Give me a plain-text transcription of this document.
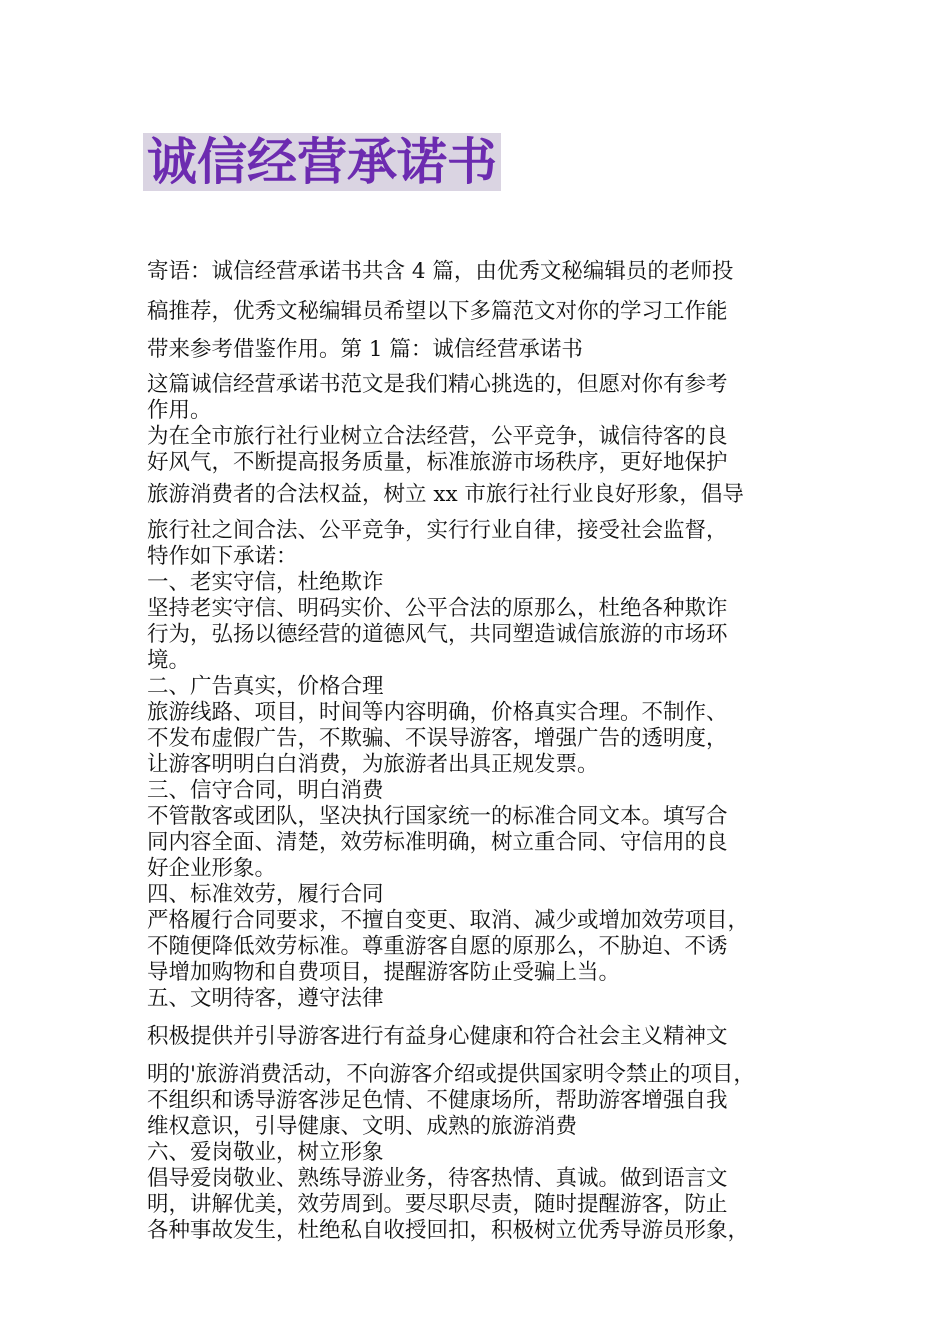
诚信经营承诺书
寄语：诚信经营承诺书共含 4 篇，由优秀文秘编辑员的老师投
稿推荐，优秀文秘编辑员希望以下多篇范文对你的学习工作能
带来参考借鉴作用。第 1 篇：诚信经营承诺书
这篇诚信经营承诺书范文是我们精心挑选的，但愿对你有参考
作用。
为在全市旅行社行业树立合法经营，公平竞争，诚信待客的良
好风气，不断提高报务质量，标准旅游市场秩序，更好地保护
旅游消费者的合法权益，树立 xx 市旅行社行业良好形象，倡导
旅行社之间合法、公平竞争，实行行业自律，接受社会监督，
特作如下承诺：
一、老实守信，杜绝欺诈
坚持老实守信、明码实价、公平合法的原那么，杜绝各种欺诈
行为，弘扬以德经营的道德风气，共同塑造诚信旅游的市场环
境。
二、广告真实，价格合理
旅游线路、项目，时间等内容明确，价格真实合理。不制作、
不发布虚假广告，不欺骗、不误导游客，增强广告的透明度，
让游客明明白白消费，为旅游者出具正规发票。
三、信守合同，明白消费
不管散客或团队，坚决执行国家统一的标准合同文本。填写合
同内容全面、清楚，效劳标准明确，树立重合同、守信用的良
好企业形象。
四、标准效劳，履行合同
严格履行合同要求，不擅自变更、取消、减少或增加效劳项目，
不随便降低效劳标准。尊重游客自愿的原那么，不胁迫、不诱
导增加购物和自费项目，提醒游客防止受骗上当。
五、文明待客，遵守法律
积极提供并引导游客进行有益身心健康和符合社会主义精神文
明的'旅游消费活动，不向游客介绍或提供国家明令禁止的项目，
不组织和诱导游客涉足色情、不健康场所，帮助游客增强自我
维权意识，引导健康、文明、成熟的旅游消费
六、爱岗敬业，树立形象
倡导爱岗敬业、熟练导游业务，待客热情、真诚。做到语言文
明，讲解优美，效劳周到。要尽职尽责，随时提醒游客，防止
各种事故发生，杜绝私自收授回扣，积极树立优秀导游员形象，
